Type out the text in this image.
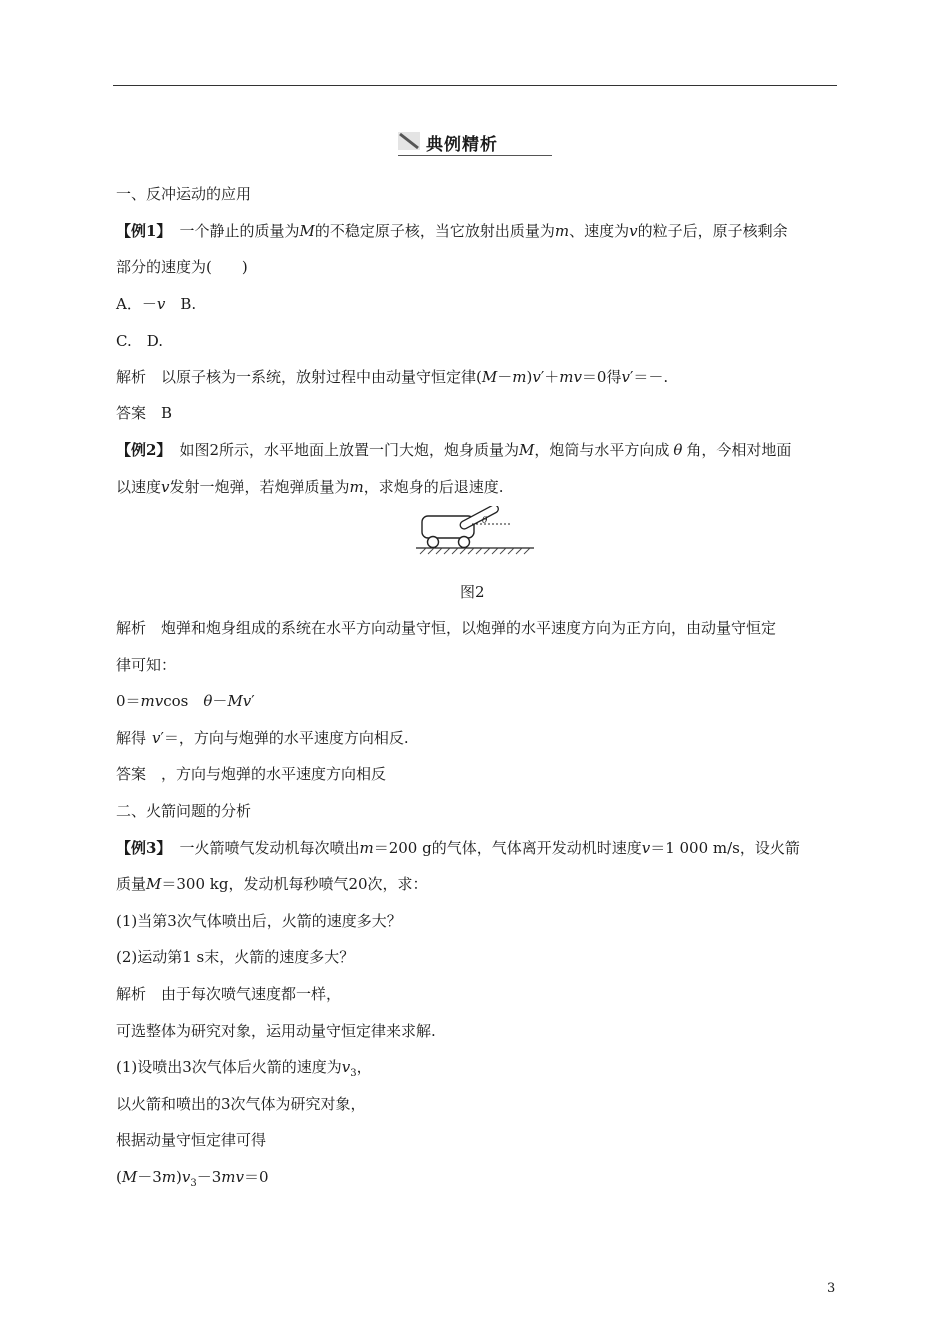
典例精析
一、反冲运动的应用
【例1】 一个静止的质量为M的不稳定原子核，当它放射出质量为m、速度为v的粒子后，原子核剩余
部分的速度为(　　)
A．－v　B.
C.　D.
解析　以原子核为一系统，放射过程中由动量守恒定律(M－m)v′＋mv＝0得v′＝－.
答案　B
【例2】 如图2所示，水平地面上放置一门大炮，炮身质量为M，炮筒与水平方向成 θ 角，今相对地面
以速度v发射一炮弹，若炮弹质量为m，求炮身的后退速度.
θ
图2
解析　炮弹和炮身组成的系统在水平方向动量守恒，以炮弹的水平速度方向为正方向，由动量守恒定
律可知：
0＝mvcos　θ－Mv′
解得 v′＝，方向与炮弹的水平速度方向相反.
答案　，方向与炮弹的水平速度方向相反
二、火箭问题的分析
【例3】 一火箭喷气发动机每次喷出m＝200 g的气体，气体离开发动机时速度v＝1 000 m/s，设火箭
质量M＝300 kg，发动机每秒喷气20次，求：
(1)当第3次气体喷出后，火箭的速度多大？
(2)运动第1 s末，火箭的速度多大？
解析　由于每次喷气速度都一样，
可选整体为研究对象，运用动量守恒定律来求解.
(1)设喷出3次气体后火箭的速度为$v_3$，
以火箭和喷出的3次气体为研究对象，
根据动量守恒定律可得
$(M-3m)v_3-3mv=0$
3
